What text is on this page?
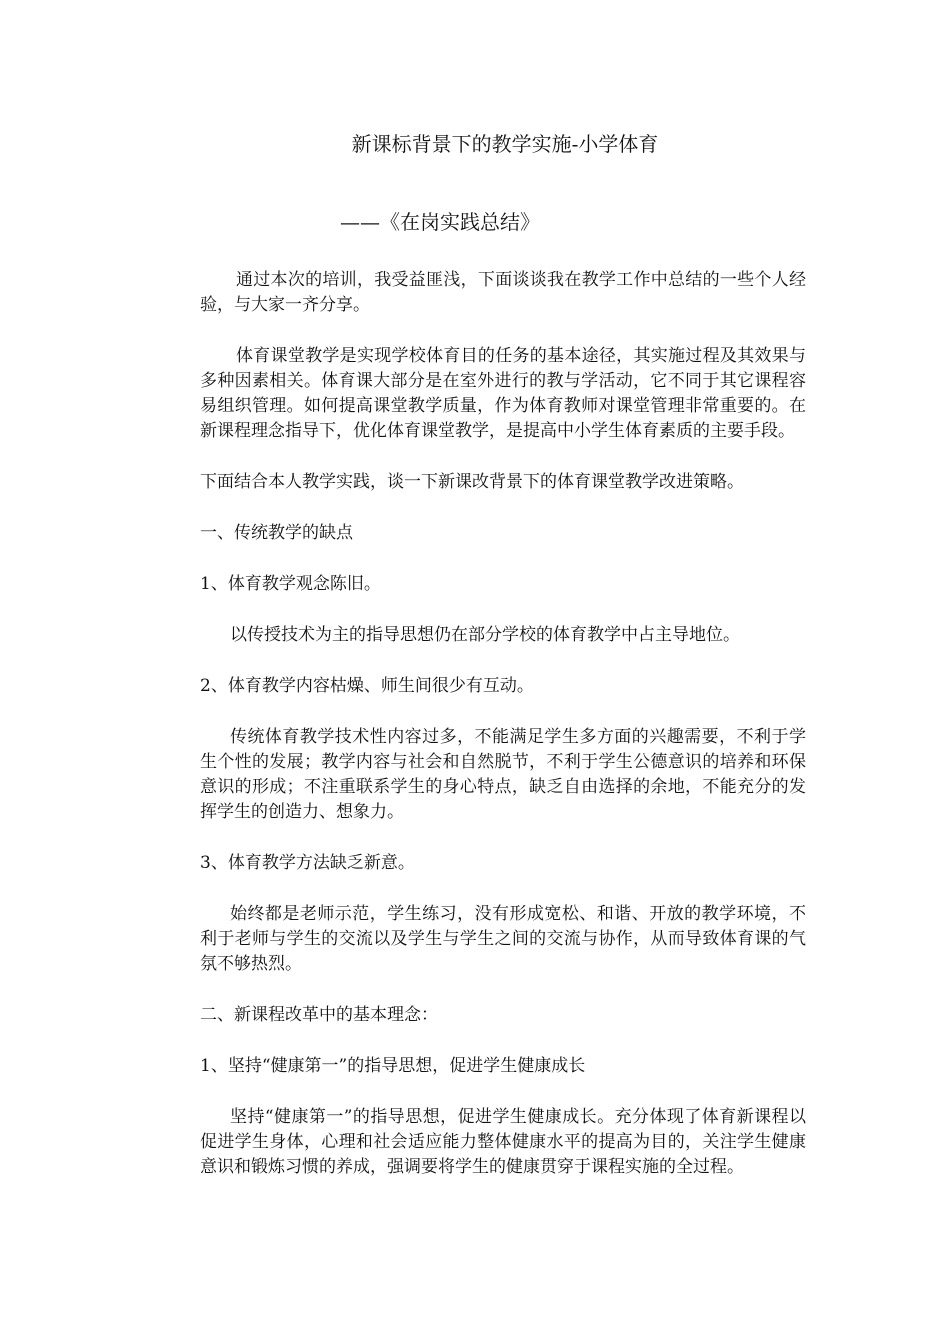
新课标背景下的教学实施-小学体育
——《在岗实践总结》

通过本次的培训，我受益匪浅，下面谈谈我在教学工作中总结的一些个人经验，与大家一齐分享。

体育课堂教学是实现学校体育目的任务的基本途径，其实施过程及其效果与多种因素相关。体育课大部分是在室外进行的教与学活动，它不同于其它课程容易组织管理。如何提高课堂教学质量，作为体育教师对课堂管理非常重要的。在新课程理念指导下，优化体育课堂教学，是提高中小学生体育素质的主要手段。

下面结合本人教学实践，谈一下新课改背景下的体育课堂教学改进策略。

一、传统教学的缺点

1、体育教学观念陈旧。

以传授技术为主的指导思想仍在部分学校的体育教学中占主导地位。

2、体育教学内容枯燥、师生间很少有互动。

传统体育教学技术性内容过多，不能满足学生多方面的兴趣需要，不利于学生个性的发展；教学内容与社会和自然脱节，不利于学生公德意识的培养和环保意识的形成；不注重联系学生的身心特点，缺乏自由选择的余地，不能充分的发挥学生的创造力、想象力。

3、体育教学方法缺乏新意。

始终都是老师示范，学生练习，没有形成宽松、和谐、开放的教学环境，不利于老师与学生的交流以及学生与学生之间的交流与协作，从而导致体育课的气氛不够热烈。

二、新课程改革中的基本理念：

1、坚持“健康第一”的指导思想，促进学生健康成长

坚持“健康第一”的指导思想，促进学生健康成长。充分体现了体育新课程以促进学生身体，心理和社会适应能力整体健康水平的提高为目的，关注学生健康意识和锻炼习惯的养成，强调要将学生的健康贯穿于课程实施的全过程。
